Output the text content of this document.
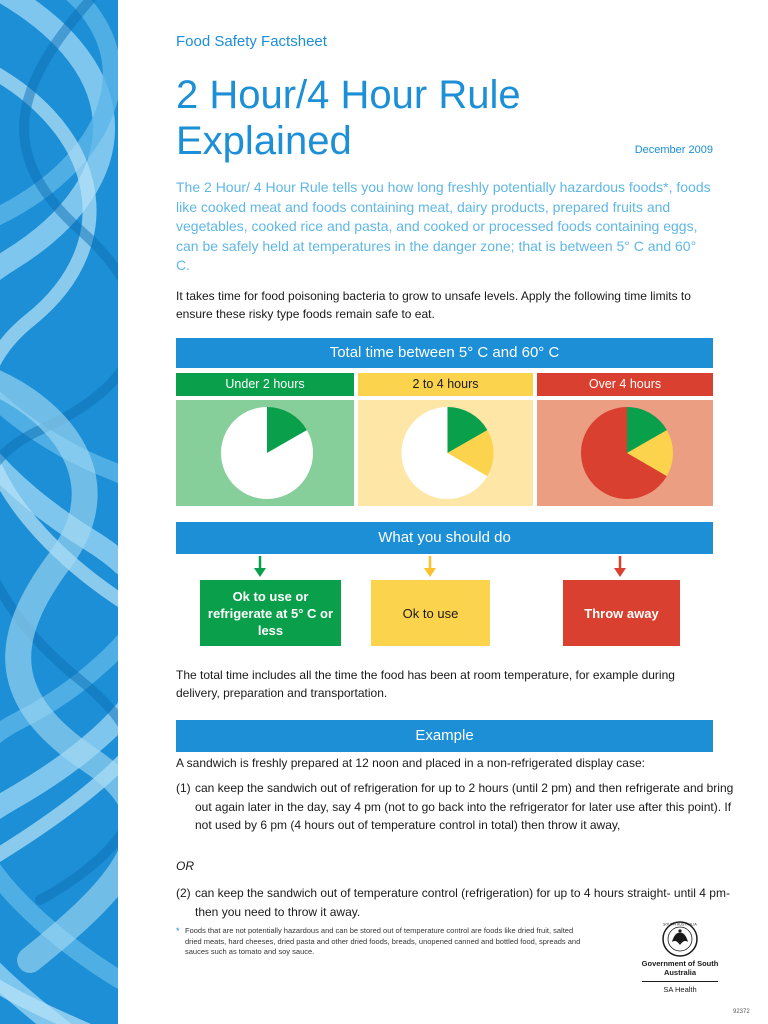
Food Safety Factsheet
2 Hour/4 Hour Rule Explained	December 2009

The 2 Hour/ 4 Hour Rule tells you how long freshly potentially hazardous foods*, foods like cooked meat and foods containing meat, dairy products, prepared fruits and vegetables, cooked rice and pasta, and cooked or processed foods containing eggs, can be safely held at temperatures in the danger zone; that is between 5° C and 60° C.

It takes time for food poisoning bacteria to grow to unsafe levels. Apply the following time limits to ensure these risky type foods remain safe to eat.

Total time between 5° C and 60° C
Under 2 hours	2 to 4 hours	Over 4 hours
What you should do
Ok to use or refrigerate at 5° C or less
Ok to use	Throw away

The total time includes all the time the food has been at room temperature, for example during delivery, preparation and transportation.

Example

A sandwich is freshly prepared at 12 noon and placed in a non-refrigerated display case:

(1) can keep the sandwich out of refrigeration for up to 2 hours (until 2 pm) and then refrigerate and bring out again later in the day, say 4 pm (not to go back into the refrigerator for later use after this point). If not used by 6 pm (4 hours out of temperature control in total) then throw it away,
OR
(2) can keep the sandwich out of temperature control (refrigeration) for up to 4 hours straight- until 4 pm- then you need to throw it away.
* Foods that are not potentially hazardous and can be stored out of temperature control are foods like dried fruit, salted dried meats, hard cheeses, dried pasta and other dried foods, breads, unopened canned and bottled food, spreads and sauces such as tomato and soy sauce.
SOUTH AUSTRALIA
Government of South Australia
SA Health
92372
